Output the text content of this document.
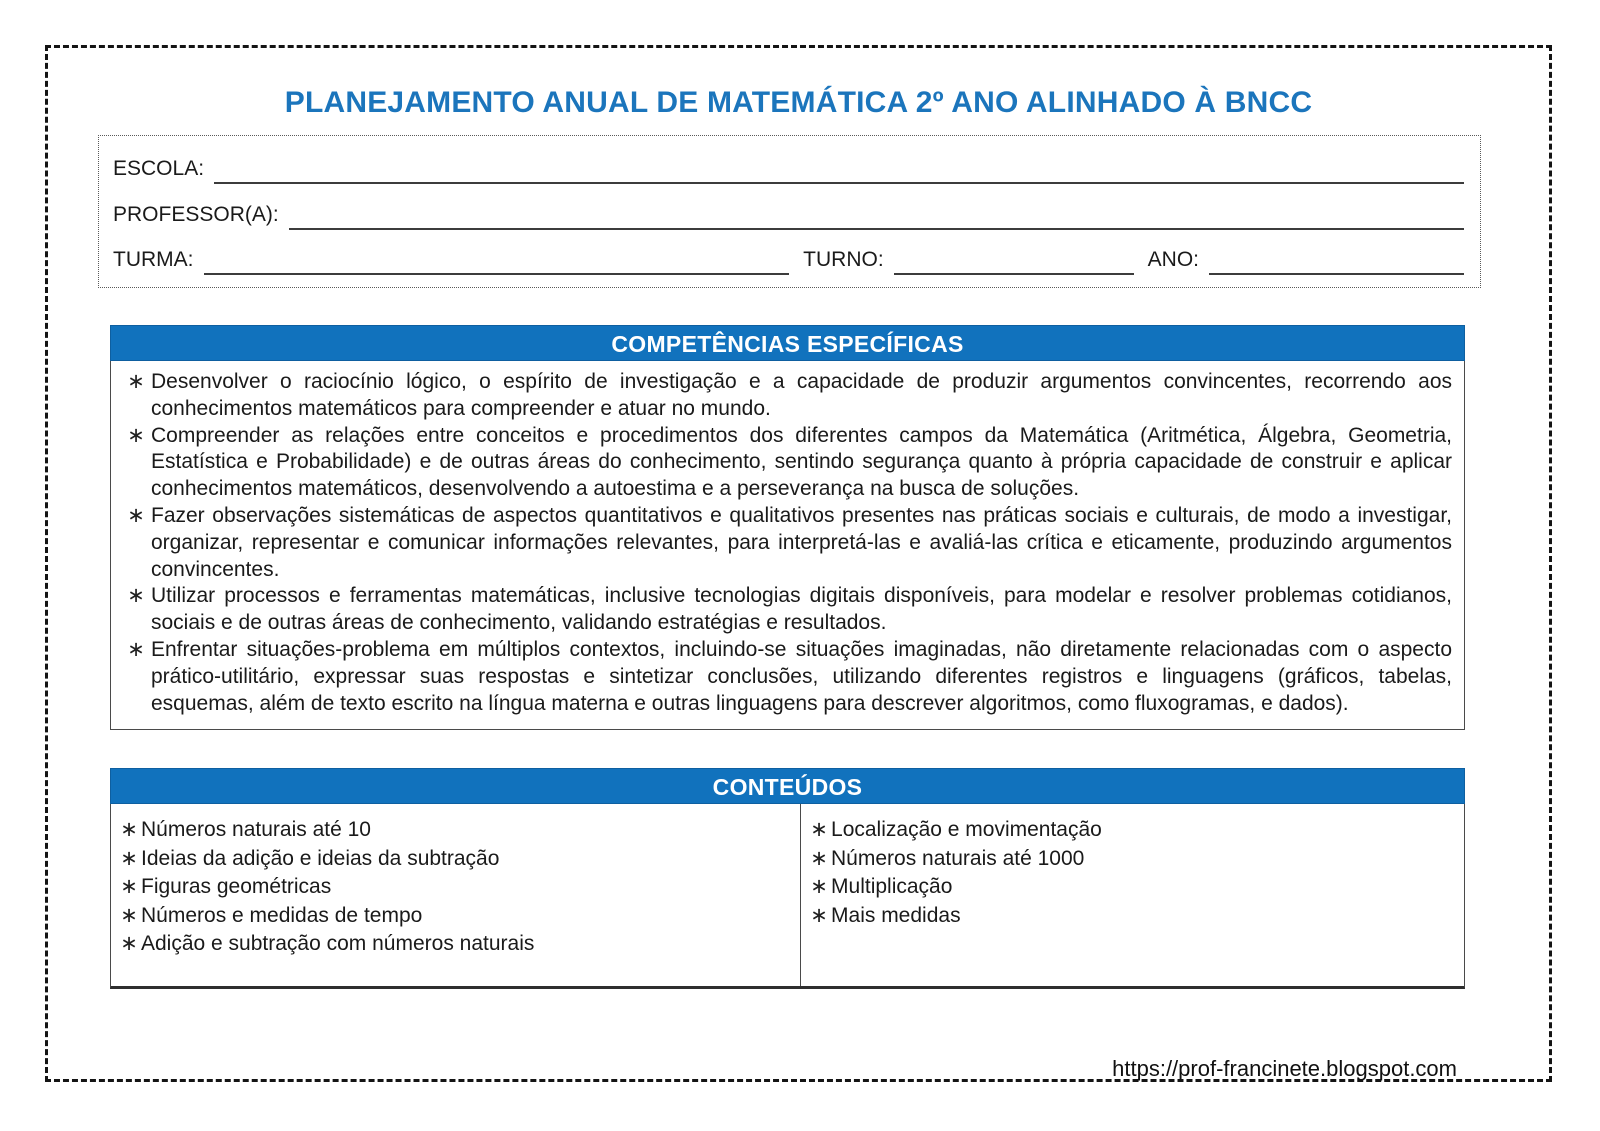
PLANEJAMENTO ANUAL DE MATEMÁTICA 2º ANO ALINHADO À BNCC
ESCOLA:
PROFESSOR(A):
TURMA:	TURNO:	ANO:
COMPETÊNCIAS ESPECÍFICAS
∗ Desenvolver o raciocínio lógico, o espírito de investigação e a capacidade de produzir argumentos convincentes, recorrendo aos conhecimentos matemáticos para compreender e atuar no mundo.
∗ Compreender as relações entre conceitos e procedimentos dos diferentes campos da Matemática (Aritmética, Álgebra, Geometria, Estatística e Probabilidade) e de outras áreas do conhecimento, sentindo segurança quanto à própria capacidade de construir e aplicar conhecimentos matemáticos, desenvolvendo a autoestima e a perseverança na busca de soluções.
∗ Fazer observações sistemáticas de aspectos quantitativos e qualitativos presentes nas práticas sociais e culturais, de modo a investigar, organizar, representar e comunicar informações relevantes, para interpretá-las e avaliá-las crítica e eticamente, produzindo argumentos convincentes.
∗ Utilizar processos e ferramentas matemáticas, inclusive tecnologias digitais disponíveis, para modelar e resolver problemas cotidianos, sociais e de outras áreas de conhecimento, validando estratégias e resultados.
∗ Enfrentar situações-problema em múltiplos contextos, incluindo-se situações imaginadas, não diretamente relacionadas com o aspecto prático-utilitário, expressar suas respostas e sintetizar conclusões, utilizando diferentes registros e linguagens (gráficos, tabelas, esquemas, além de texto escrito na língua materna e outras linguagens para descrever algoritmos, como fluxogramas, e dados).
CONTEÚDOS
∗ Números naturais até 10
∗ Ideias da adição e ideias da subtração
∗ Figuras geométricas
∗ Números e medidas de tempo
∗ Adição e subtração com números naturais
∗ Localização e movimentação
∗ Números naturais até 1000
∗ Multiplicação
∗ Mais medidas
https://prof-francinete.blogspot.com
